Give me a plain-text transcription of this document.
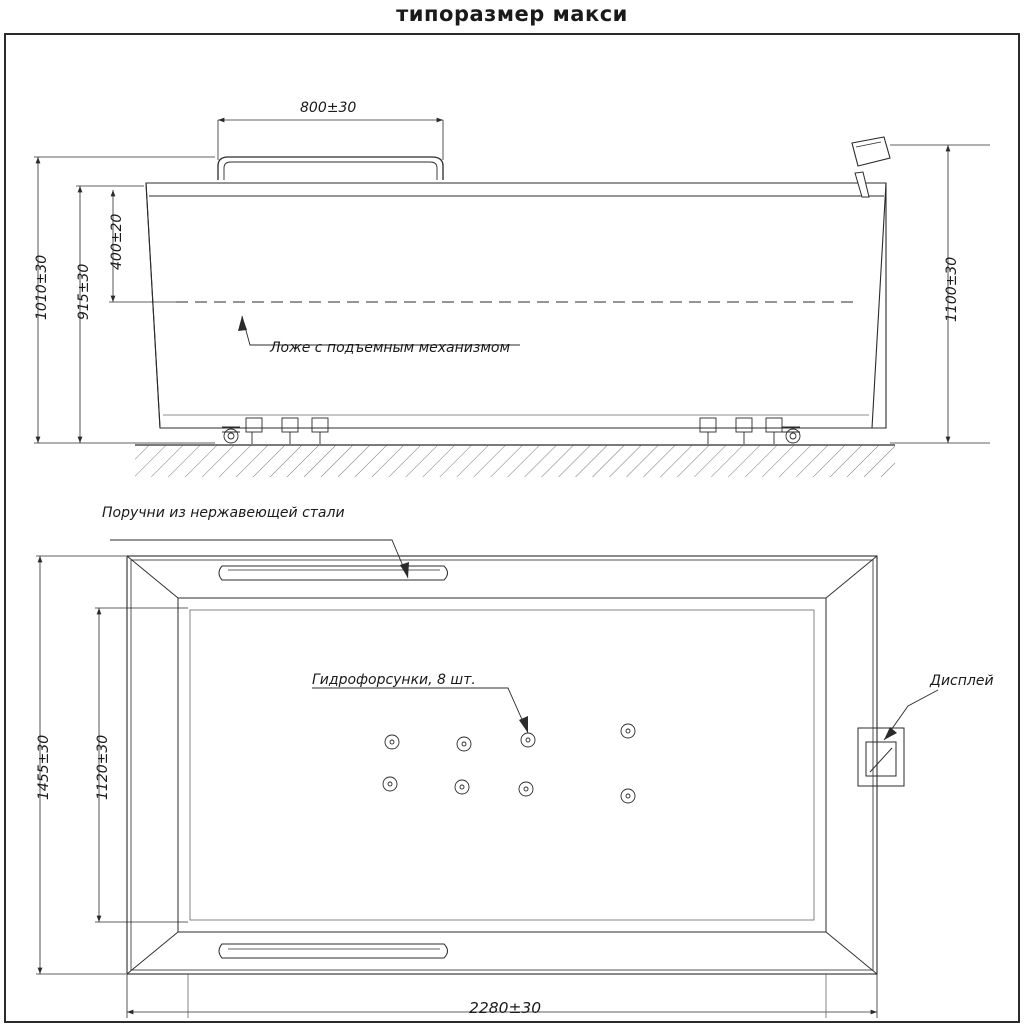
типоразмер макси
800±30
1010±30 915±30
400±20
1100±30
Ложе с подъемным механизмом
Поручни из нержавеющей стали
Гидрофорсунки, 8 шт.	Дисплей
1455±30	1120±30
2280±30
